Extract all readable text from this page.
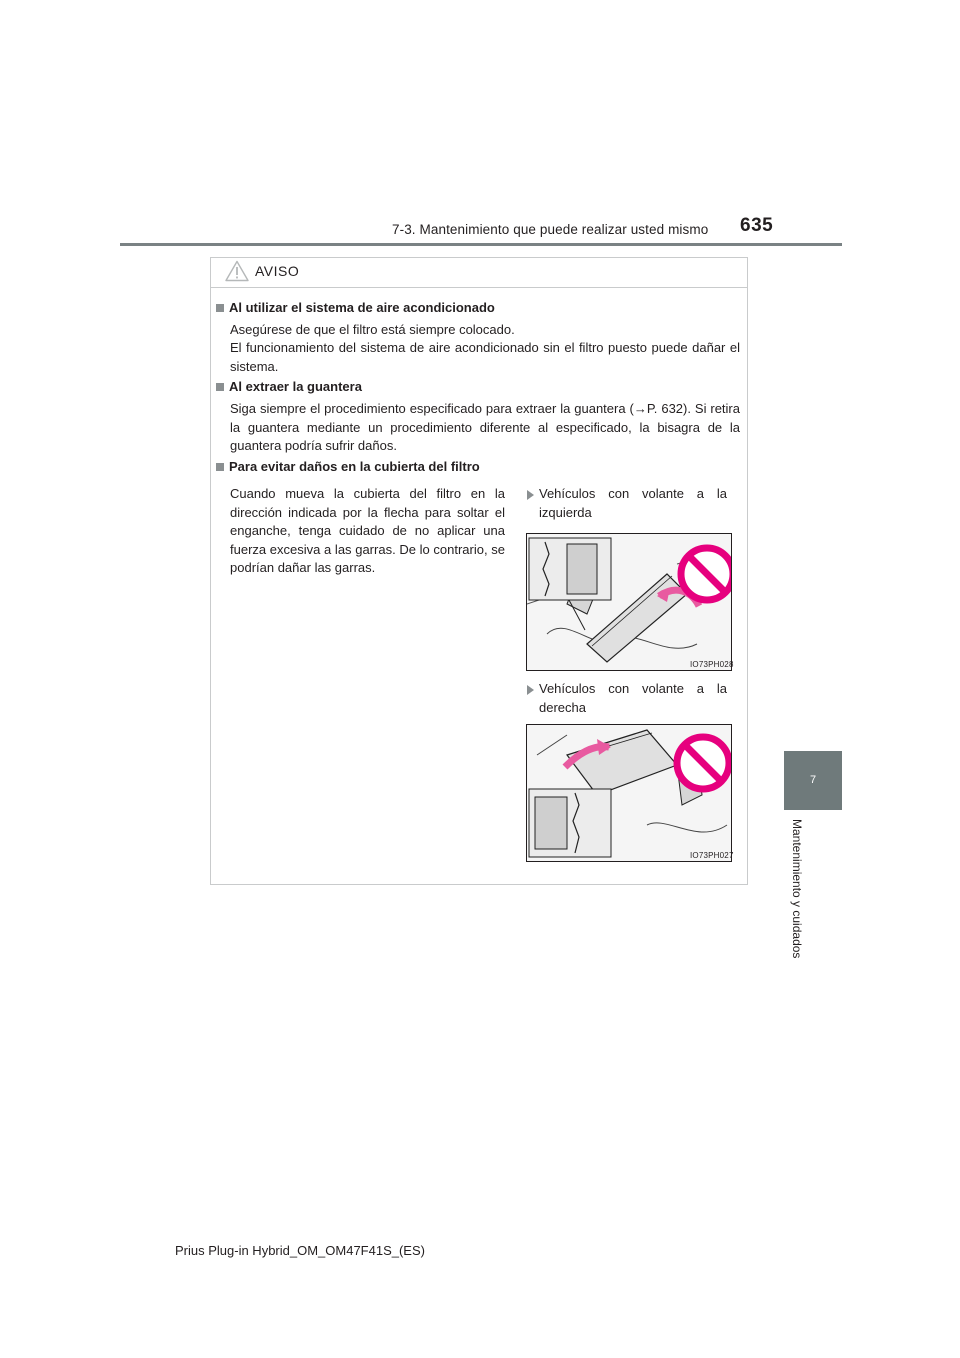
7-3. Mantenimiento que puede realizar usted mismo 635
7
Mantenimiento y cuidados
AVISO
Al utilizar el sistema de aire acondicionado
Asegúrese de que el filtro está siempre colocado.
El funcionamiento del sistema de aire acondicionado sin el filtro puesto puede dañar el sistema.
Al extraer la guantera
Siga siempre el procedimiento especificado para extraer la guantera (→P. 632). Si retira la guantera mediante un procedimiento diferente al especificado, la bisagra de la guantera podría sufrir daños.
Para evitar daños en la cubierta del filtro
Cuando mueva la cubierta del filtro en la dirección indicada por la flecha para soltar el enganche, tenga cuidado de no aplicar una fuerza excesiva a las garras. De lo contrario, se podrían dañar las garras.
Vehículos con volante a la izquierda
IO73PH028
Vehículos con volante a la derecha
IO73PH027
Prius Plug-in Hybrid_OM_OM47F41S_(ES)
